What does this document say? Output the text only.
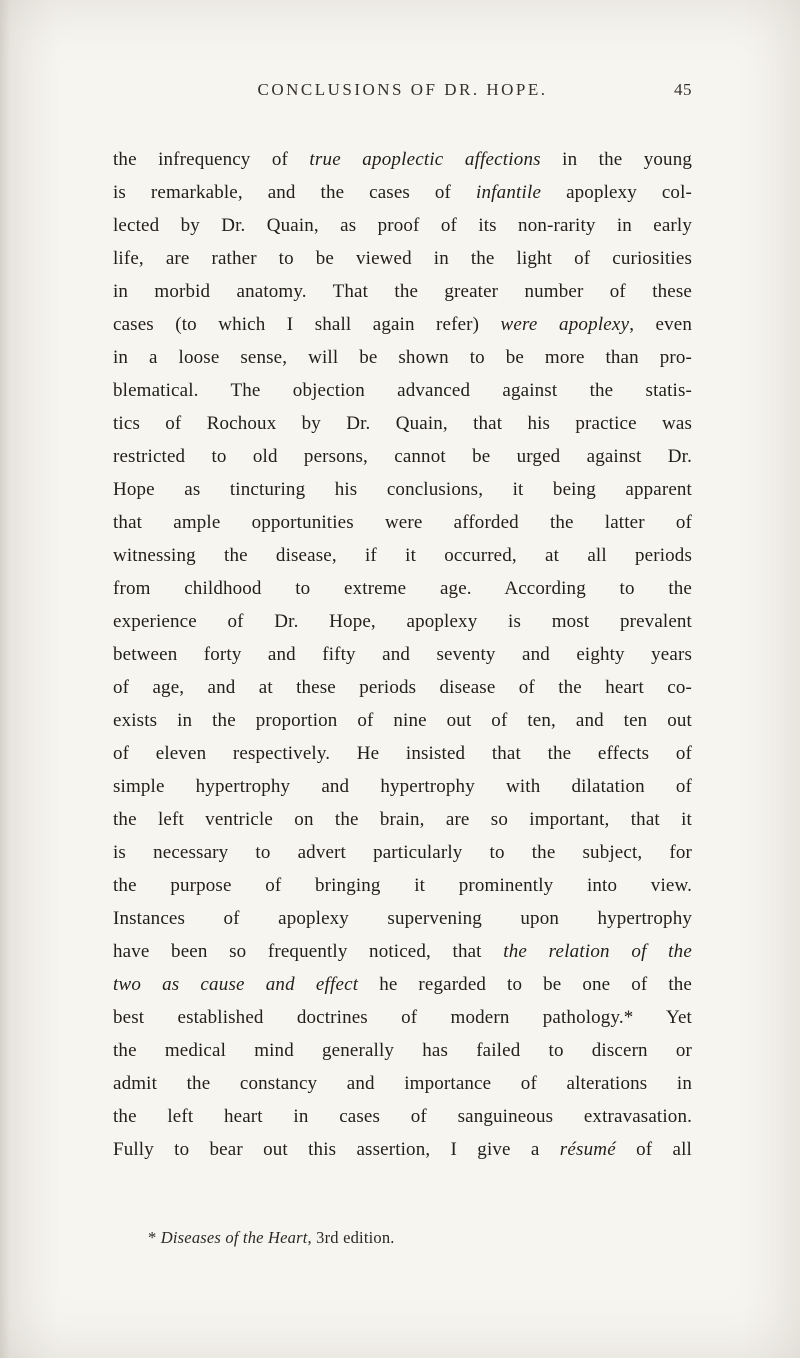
CONCLUSIONS OF DR. HOPE.	45
the infrequency of true apoplectic affections in the young
is remarkable, and the cases of infantile apoplexy col-
lected by Dr. Quain, as proof of its non-rarity in early
life, are rather to be viewed in the light of curiosities
in morbid anatomy. That the greater number of these
cases (to which I shall again refer) were apoplexy, even
in a loose sense, will be shown to be more than pro-
blematical. The objection advanced against the statis-
tics of Rochoux by Dr. Quain, that his practice was
restricted to old persons, cannot be urged against Dr.
Hope as tincturing his conclusions, it being apparent
that ample opportunities were afforded the latter of
witnessing the disease, if it occurred, at all periods
from childhood to extreme age. According to the
experience of Dr. Hope, apoplexy is most prevalent
between forty and fifty and seventy and eighty years
of age, and at these periods disease of the heart co-
exists in the proportion of nine out of ten, and ten out
of eleven respectively. He insisted that the effects of
simple hypertrophy and hypertrophy with dilatation of
the left ventricle on the brain, are so important, that it
is necessary to advert particularly to the subject, for
the purpose of bringing it prominently into view.
Instances of apoplexy supervening upon hypertrophy
have been so frequently noticed, that the relation of the
two as cause and effect he regarded to be one of the
best established doctrines of modern pathology.* Yet
the medical mind generally has failed to discern or
admit the constancy and importance of alterations in
the left heart in cases of sanguineous extravasation.
Fully to bear out this assertion, I give a résumé of all
* Diseases of the Heart, 3rd edition.
